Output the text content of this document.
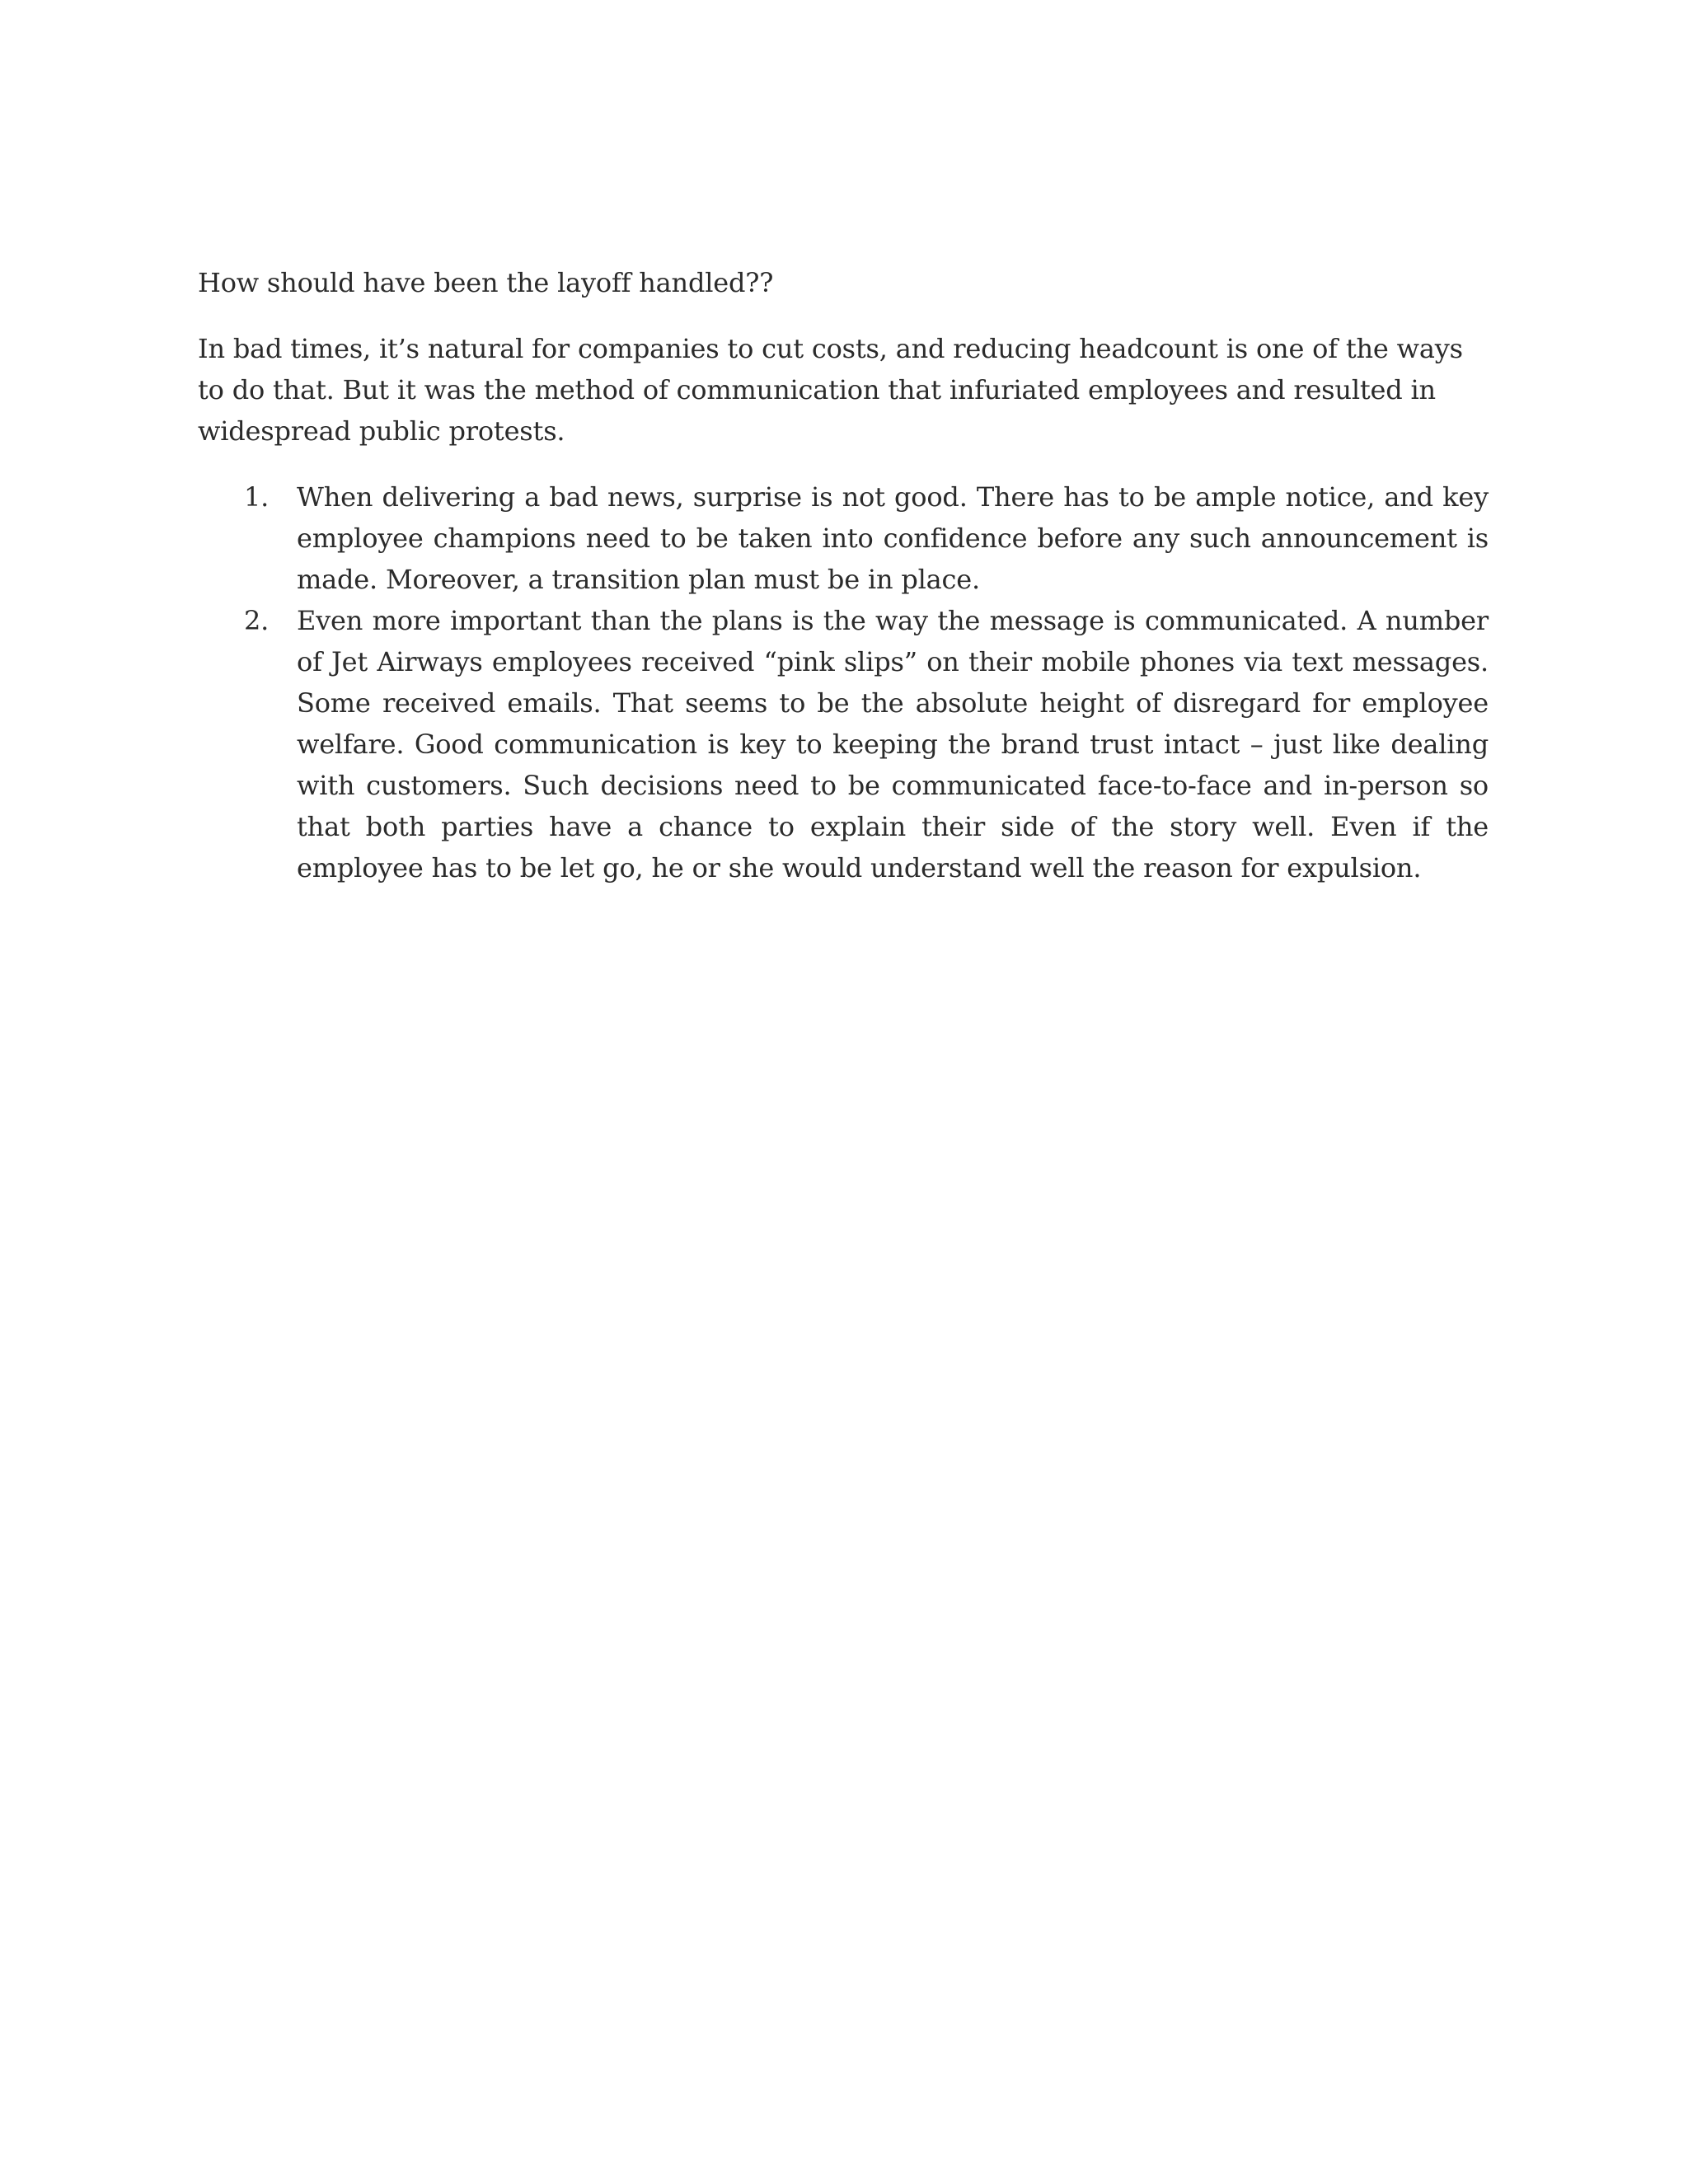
How should have been the layoff handled??

In bad times, it’s natural for companies to cut costs, and reducing headcount is one of the ways to do that. But it was the method of communication that infuriated employees and resulted in widespread public protests.

1. When delivering a bad news, surprise is not good. There has to be ample notice, and key employee champions need to be taken into confidence before any such announcement is made. Moreover, a transition plan must be in place.
2. Even more important than the plans is the way the message is communicated. A number of Jet Airways employees received “pink slips” on their mobile phones via text messages. Some received emails. That seems to be the absolute height of disregard for employee welfare. Good communication is key to keeping the brand trust intact – just like dealing with customers. Such decisions need to be communicated face-to-face and in-person so that both parties have a chance to explain their side of the story well. Even if the employee has to be let go, he or she would understand well the reason for expulsion.
